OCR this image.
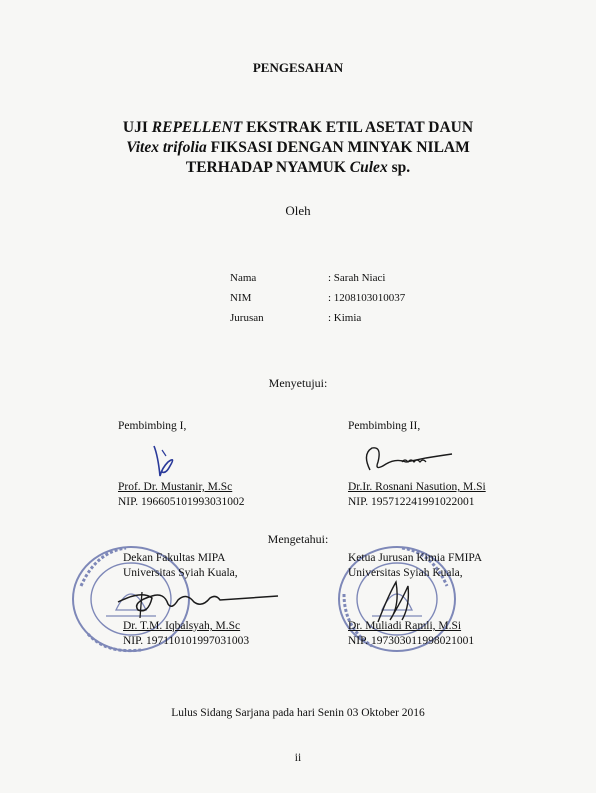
PENGESAHAN
UJI REPELLENT EKSTRAK ETIL ASETAT DAUN
Vitex trifolia FIKSASI DENGAN MINYAK NILAM
TERHADAP NYAMUK Culex sp.
Oleh
Nama	: Sarah Niaci
NIM	: 1208103010037
Jurusan	: Kimia
Menyetujui:
Pembimbing I,
Prof. Dr. Mustanir, M.Sc
NIP. 196605101993031002
Pembimbing II,
Dr.Ir. Rosnani Nasution, M.Si
NIP. 195712241991022001
Mengetahui:
Dekan Fakultas MIPA
Universitas Syiah Kuala,
Dr. T.M. Iqbalsyah, M.Sc
NIP. 197110101997031003
Ketua Jurusan Kimia FMIPA
Universitas Syiah Kuala,
Dr. Muliadi Ramli, M.Si
NIP. 197303011998021001
Lulus Sidang Sarjana pada hari Senin 03 Oktober 2016
ii
